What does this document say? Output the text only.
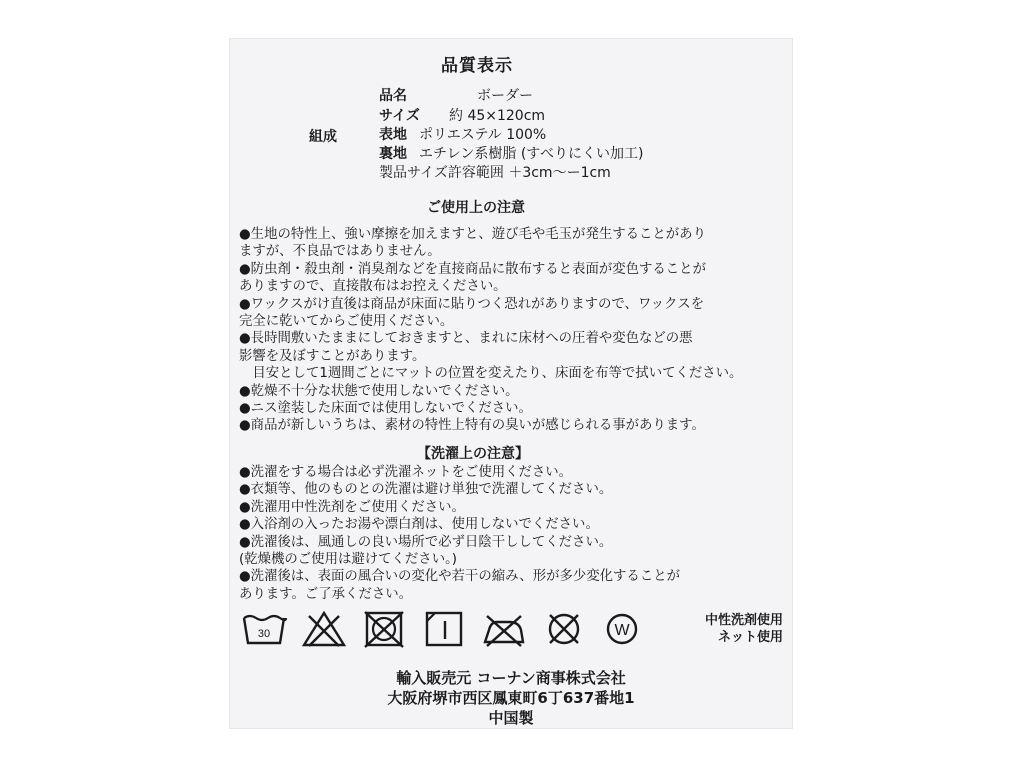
品質表示
品名	ボーダー
サイズ 約 45×120cm
組成	表地 ポリエステル 100%
裏地 エチレン系樹脂 (すべりにくい加工)
製品サイズ許容範囲 ＋3cm〜ー1cm
ご使用上の注意
●生地の特性上、強い摩擦を加えますと、遊び毛や毛玉が発生することがあり
ますが、不良品ではありません。
●防虫剤・殺虫剤・消臭剤などを直接商品に散布すると表面が変色することが
ありますので、直接散布はお控えください。
●ワックスがけ直後は商品が床面に貼りつく恐れがありますので、ワックスを
完全に乾いてからご使用ください。
●長時間敷いたままにしておきますと、まれに床材への圧着や変色などの悪
影響を及ぼすことがあります。
　目安として1週間ごとにマットの位置を変えたり、床面を布等で拭いてください。
●乾燥不十分な状態で使用しないでください。
●ニス塗装した床面では使用しないでください。
●商品が新しいうちは、素材の特性上特有の臭いが感じられる事があります。
【洗濯上の注意】
●洗濯をする場合は必ず洗濯ネットをご使用ください。
●衣類等、他のものとの洗濯は避け単独で洗濯してください。
●洗濯用中性洗剤をご使用ください。
●入浴剤の入ったお湯や漂白剤は、使用しないでください。
●洗濯後は、風通しの良い場所で必ず日陰干ししてください。
(乾燥機のご使用は避けてください。)
●洗濯後は、表面の風合いの変化や若干の縮み、形が多少変化することが
あります。ご了承ください。
30	W
中性洗剤使用
ネット使用
輸入販売元 コーナン商事株式会社
大阪府堺市西区鳳東町6丁637番地1
中国製
